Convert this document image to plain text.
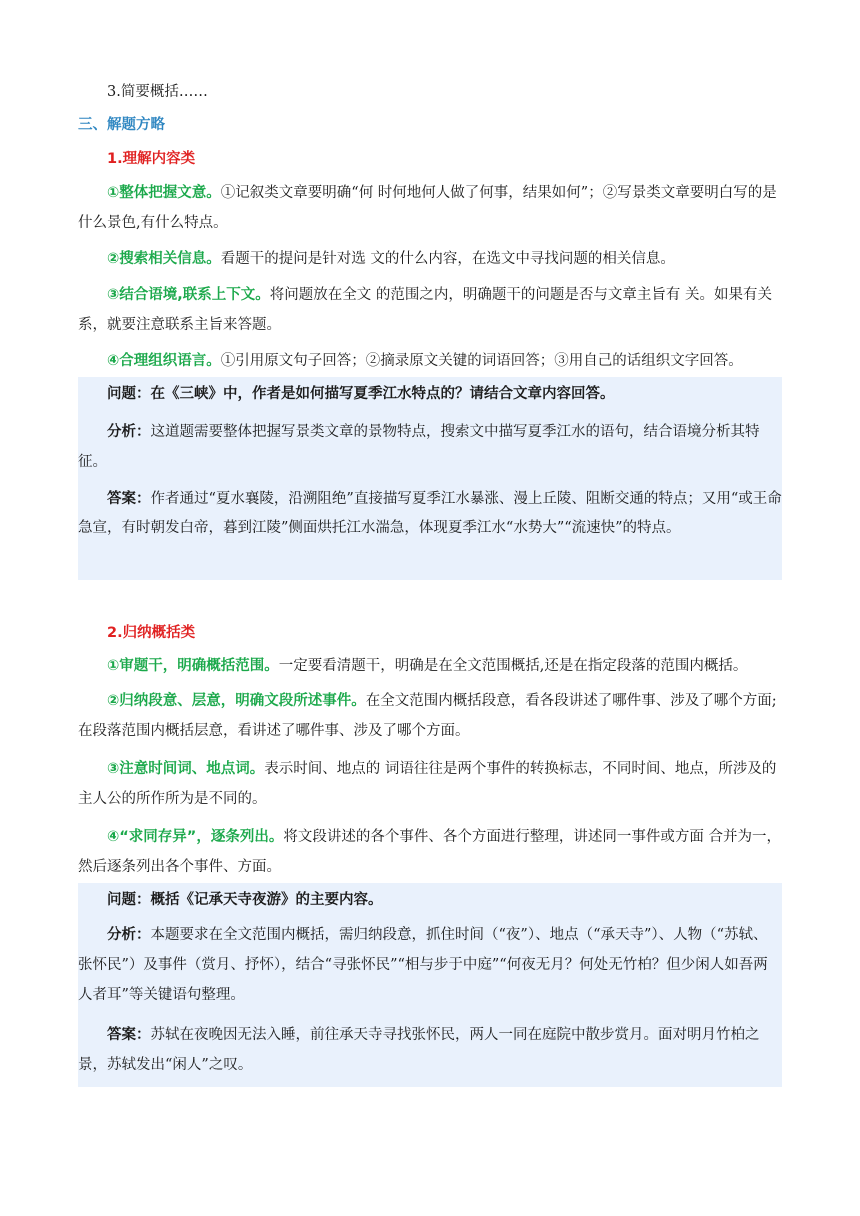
3.简要概括……
三、解题方略
1.理解内容类
①整体把握文意。①记叙类文章要明确“何 时何地何人做了何事，结果如何”；②写景类文章要明白写的是什么景色,有什么特点。
②搜索相关信息。看题干的提问是针对选 文的什么内容，在选文中寻找问题的相关信息。
③结合语境,联系上下文。将问题放在全文 的范围之内，明确题干的问题是否与文章主旨有 关。如果有关系，就要注意联系主旨来答题。
④合理组织语言。①引用原文句子回答；②摘录原文关键的词语回答；③用自己的话组织文字回答。
问题：在《三峡》中，作者是如何描写夏季江水特点的？请结合文章内容回答。
分析：这道题需要整体把握写景类文章的景物特点，搜索文中描写夏季江水的语句，结合语境分析其特征。
答案：作者通过“夏水襄陵，沿溯阻绝”直接描写夏季江水暴涨、漫上丘陵、阻断交通的特点；又用“或王命急宣，有时朝发白帝，暮到江陵”侧面烘托江水湍急，体现夏季江水“水势大”“流速快”的特点。
2.归纳概括类
①审题干，明确概括范围。一定要看清题干，明确是在全文范围概括,还是在指定段落的范围内概括。
②归纳段意、层意，明确文段所述事件。在全文范围内概括段意，看各段讲述了哪件事、涉及了哪个方面;在段落范围内概括层意，看讲述了哪件事、涉及了哪个方面。
③注意时间词、地点词。表示时间、地点的 词语往往是两个事件的转换标志，不同时间、地点，所涉及的主人公的所作所为是不同的。
④“求同存异”，逐条列出。将文段讲述的各个事件、各个方面进行整理，讲述同一事件或方面 合并为一，然后逐条列出各个事件、方面。
问题：概括《记承天寺夜游》的主要内容。
分析：本题要求在全文范围内概括，需归纳段意，抓住时间（“夜”）、地点（“承天寺”）、人物（“苏轼、张怀民”）及事件（赏月、抒怀），结合“寻张怀民”“相与步于中庭”“何夜无月？何处无竹柏？但少闲人如吾两人者耳”等关键语句整理。
答案：苏轼在夜晚因无法入睡，前往承天寺寻找张怀民，两人一同在庭院中散步赏月。面对明月竹柏之景，苏轼发出“闲人”之叹。
